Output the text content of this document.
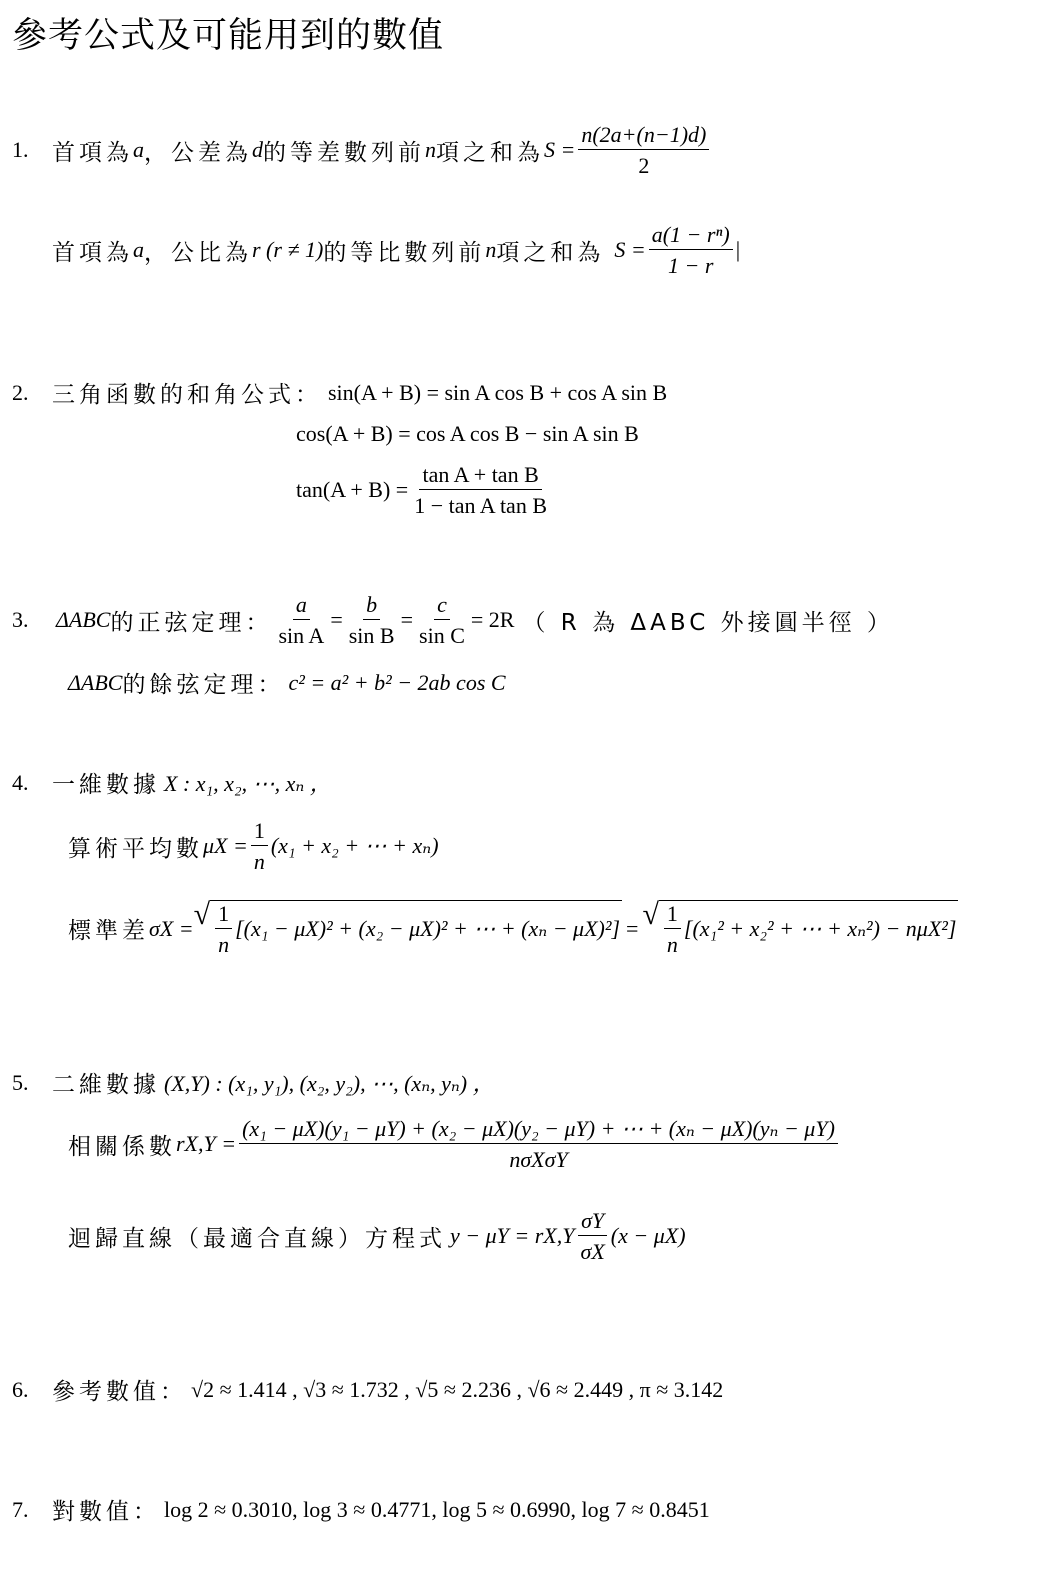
參考公式及可能用到的數值
1.	首項為 a ，公差為 d 的等差數列前 n 項之和為 $S = \frac{n(2a+(n-1)d)}{2}$
首項為 a ，公比為 r (r ≠ 1) 的等比數列前 n 項之和為 $S = \frac{\text{a(1 − rⁿ)}}{1 - r}$ |
2.	三角函數的和角公式： sin(A + B) = sin A cos B + cos A sin B
cos(A + B) = cos A cos B − sin A sin B
$\tan(A + B) = \frac{\text{tan A + tan B}}{\text{1 − tan A tan B}}$
3.	ΔABC 的正弦定理： $\frac{a}{\text{sin A}} = \frac{b}{\text{sin B}} = \frac{c}{\text{sin C}} = 2R$ （ R 為 ΔABC 外接圓半徑 ）
ΔABC 的餘弦定理： c² = a² + b² − 2ab cos C
4.	一維數據 X : x₁, x₂, ⋯, xₙ ，
算術平均數 $\mu X = \frac{1}{n} (x_1 + x_2$ + ⋯ + xₙ)
標準差 σX = √ $\frac{1}{n} [(x_1 - \mu X)^2 + (x_2 - \mu X)^2$ + ⋯ + (xₙ − μX)²] = √ $\frac{1}{n} [(x_1^2 + x_2^2$ + ⋯ + xₙ²) − nμX²]
5.	二維數據 (X,Y) : (x₁, y₁), (x₂, y₂), ⋯, (xₙ, yₙ) ，
相關係數 rX,Y =
(x₁ − μX)(y₁ − μY) + (x₂ − μX)(y₂ − μY) + ⋯ + (xₙ − μX)(yₙ − μY)
nσXσY
迴歸直線（最適合直線）方程式 $y - \mu Y = rX,Y \frac{\sigma Y}{\sigma X} (x - \mu X)$
6.	參考數值： √2 ≈ 1.414 , √3 ≈ 1.732 , √5 ≈ 2.236 , √6 ≈ 2.449 , π ≈ 3.142
7.	對數值： log 2 ≈ 0.3010, log 3 ≈ 0.4771, log 5 ≈ 0.6990, log 7 ≈ 0.8451
